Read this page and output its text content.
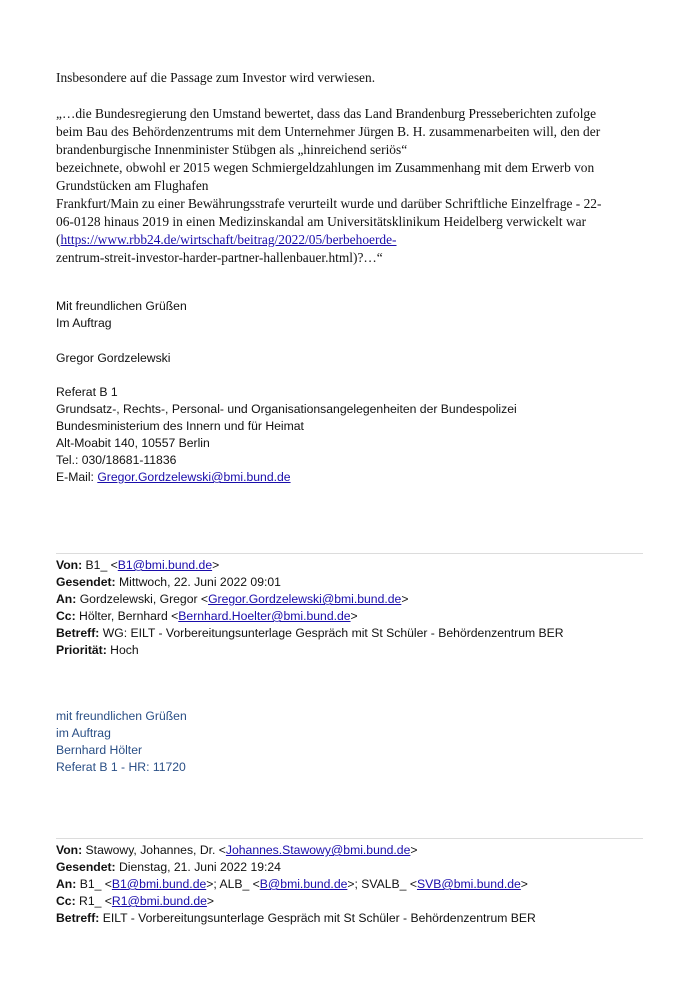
Insbesondere auf die Passage zum Investor wird verwiesen.
„…die Bundesregierung den Umstand bewertet, dass das Land Brandenburg Presseberichten zufolge
beim Bau des Behördenzentrums mit dem Unternehmer Jürgen B. H. zusammenarbeiten will, den der
brandenburgische Innenminister Stübgen als „hinreichend seriös“
bezeichnete, obwohl er 2015 wegen Schmiergeldzahlungen im Zusammenhang mit dem Erwerb von
Grundstücken am Flughafen
Frankfurt/Main zu einer Bewährungsstrafe verurteilt wurde und darüber Schriftliche Einzelfrage - 22-
06-0128 hinaus 2019 in einen Medizinskandal am Universitätsklinikum Heidelberg verwickelt war
(https://www.rbb24.de/wirtschaft/beitrag/2022/05/berbehoerde-
zentrum-streit-investor-harder-partner-hallenbauer.html)?…“
Mit freundlichen Grüßen
Im Auftrag
Gregor Gordzelewski
Referat B 1
Grundsatz-, Rechts-, Personal- und Organisationsangelegenheiten der Bundespolizei
Bundesministerium des Innern und für Heimat
Alt-Moabit 140, 10557 Berlin
Tel.: 030/18681-11836
E-Mail: Gregor.Gordzelewski@bmi.bund.de
Von: B1_ <B1@bmi.bund.de>
Gesendet: Mittwoch, 22. Juni 2022 09:01
An: Gordzelewski, Gregor <Gregor.Gordzelewski@bmi.bund.de>
Cc: Hölter, Bernhard <Bernhard.Hoelter@bmi.bund.de>
Betreff: WG: EILT - Vorbereitungsunterlage Gespräch mit St Schüler - Behördenzentrum BER
Priorität: Hoch
mit freundlichen Grüßen
im Auftrag
Bernhard Hölter
Referat B 1 - HR: 11720
Von: Stawowy, Johannes, Dr. <Johannes.Stawowy@bmi.bund.de>
Gesendet: Dienstag, 21. Juni 2022 19:24
An: B1_ <B1@bmi.bund.de>; ALB_ <B@bmi.bund.de>; SVALB_ <SVB@bmi.bund.de>
Cc: R1_ <R1@bmi.bund.de>
Betreff: EILT - Vorbereitungsunterlage Gespräch mit St Schüler - Behördenzentrum BER
